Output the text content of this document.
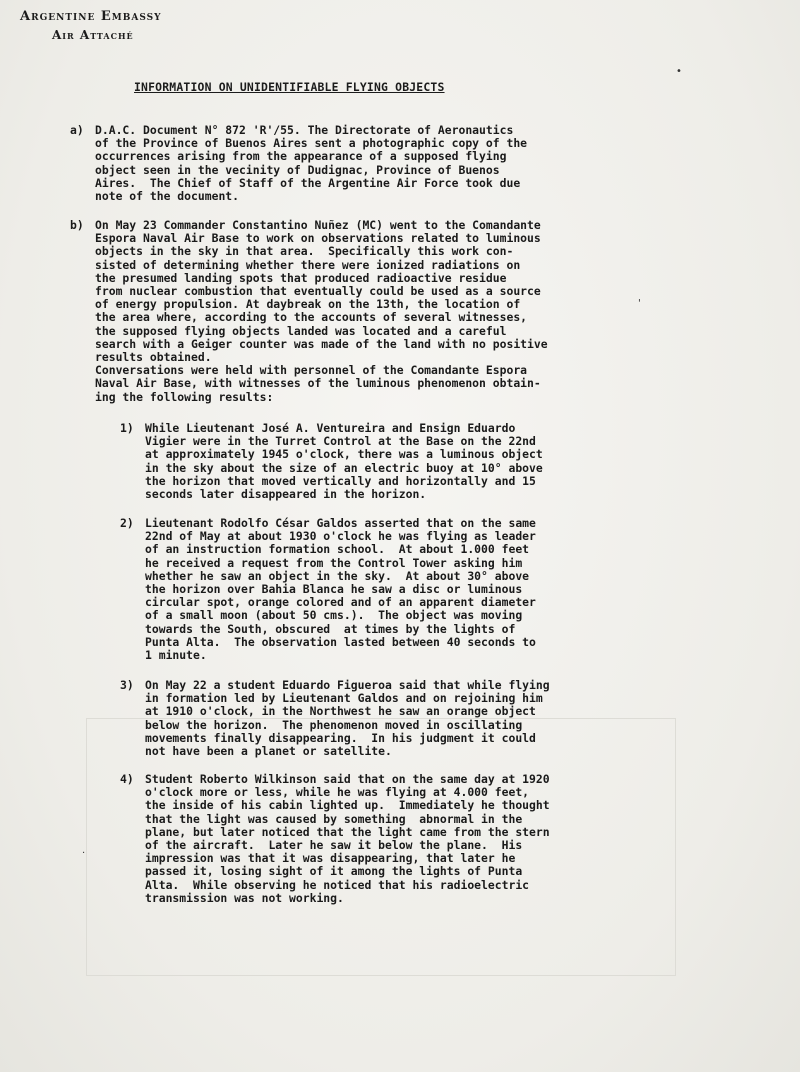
Argentine Embassy
Air Attaché
INFORMATION ON UNIDENTIFIABLE FLYING OBJECTS

a)

D.A.C. Document N° 872 'R'/55. The Directorate of Aeronautics
of the Province of Buenos Aires sent a photographic copy of the
occurrences arising from the appearance of a supposed flying
object seen in the vecinity of Dudignac, Province of Buenos
Aires.  The Chief of Staff of the Argentine Air Force took due
note of the document.

b)

On May 23 Commander Constantino Nuñez (MC) went to the Comandante
Espora Naval Air Base to work on observations related to luminous
objects in the sky in that area.  Specifically this work con-
sisted of determining whether there were ionized radiations on
the presumed landing spots that produced radioactive residue
from nuclear combustion that eventually could be used as a source
of energy propulsion. At daybreak on the 13th, the location of
the area where, according to the accounts of several witnesses,
the supposed flying objects landed was located and a careful
search with a Geiger counter was made of the land with no positive
results obtained.
Conversations were held with personnel of the Comandante Espora
Naval Air Base, with witnesses of the luminous phenomenon obtain-
ing the following results:

1)

While Lieutenant José A. Ventureira and Ensign Eduardo
Vigier were in the Turret Control at the Base on the 22nd
at approximately 1945 o'clock, there was a luminous object
in the sky about the size of an electric buoy at 10° above
the horizon that moved vertically and horizontally and 15
seconds later disappeared in the horizon.

2)

Lieutenant Rodolfo César Galdos asserted that on the same
22nd of May at about 1930 o'clock he was flying as leader
of an instruction formation school.  At about 1.000 feet
he received a request from the Control Tower asking him
whether he saw an object in the sky.  At about 30° above
the horizon over Bahia Blanca he saw a disc or luminous
circular spot, orange colored and of an apparent diameter
of a small moon (about 50 cms.).  The object was moving
towards the South, obscured  at times by the lights of
Punta Alta.  The observation lasted between 40 seconds to
1 minute.

3)

On May 22 a student Eduardo Figueroa said that while flying
in formation led by Lieutenant Galdos and on rejoining him
at 1910 o'clock, in the Northwest he saw an orange object
below the horizon.  The phenomenon moved in oscillating
movements finally disappearing.  In his judgment it could
not have been a planet or satellite.

4)

Student Roberto Wilkinson said that on the same day at 1920
o'clock more or less, while he was flying at 4.000 feet,
the inside of his cabin lighted up.  Immediately he thought
that the light was caused by something  abnormal in the
plane, but later noticed that the light came from the stern
of the aircraft.  Later he saw it below the plane.  His
impression was that it was disappearing, that later he
passed it, losing sight of it among the lights of Punta
Alta.  While observing he noticed that his radioelectric
transmission was not working.

•
'
·
